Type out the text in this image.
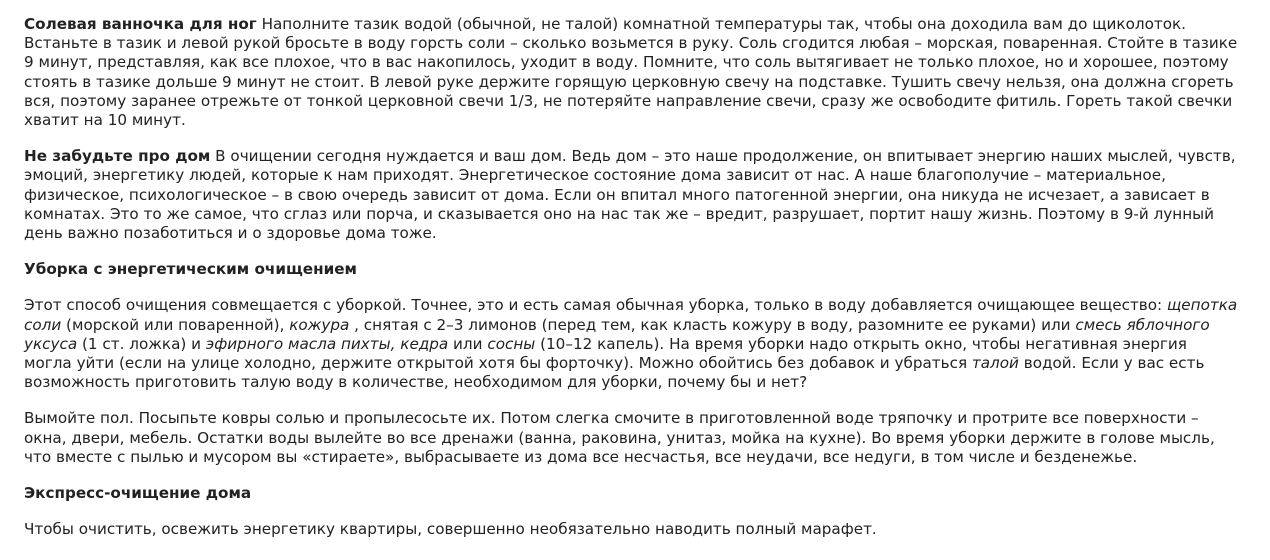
Солевая ванночка для ног Наполните тазик водой (обычной, не талой) комнатной температуры так, чтобы она доходила вам до щиколоток. Встаньте в тазик и левой рукой бросьте в воду горсть соли – сколько возьмется в руку. Соль сгодится любая – морская, поваренная. Стойте в тазике 9 минут, представляя, как все плохое, что в вас накопилось, уходит в воду. Помните, что соль вытягивает не только плохое, но и хорошее, поэтому стоять в тазике дольше 9 минут не стоит. В левой руке держите горящую церковную свечу на подставке. Тушить свечу нельзя, она должна сгореть вся, поэтому заранее отрежьте от тонкой церковной свечи 1/3, не потеряйте направление свечи, сразу же освободите фитиль. Гореть такой свечки хватит на 10 минут.

Не забудьте про дом В очищении сегодня нуждается и ваш дом. Ведь дом – это наше продолжение, он впитывает энергию наших мыслей, чувств, эмоций, энергетику людей, которые к нам приходят. Энергетическое состояние дома зависит от нас. А наше благополучие – материальное, физическое, психологическое – в свою очередь зависит от дома. Если он впитал много патогенной энергии, она никуда не исчезает, а зависает в комнатах. Это то же самое, что сглаз или порча, и сказывается оно на нас так же – вредит, разрушает, портит нашу жизнь. Поэтому в 9-й лунный день важно позаботиться и о здоровье дома тоже.

Уборка с энергетическим очищением

Этот способ очищения совмещается с уборкой. Точнее, это и есть самая обычная уборка, только в воду добавляется очищающее вещество: щепотка соли (морской или поваренной), кожура , снятая с 2–3 лимонов (перед тем, как класть кожуру в воду, разомните ее руками) или смесь яблочного уксуса (1 ст. ложка) и эфирного масла пихты, кедра или сосны (10–12 капель). На время уборки надо открыть окно, чтобы негативная энергия могла уйти (если на улице холодно, держите открытой хотя бы форточку). Можно обойтись без добавок и убраться талой водой. Если у вас есть возможность приготовить талую воду в количестве, необходимом для уборки, почему бы и нет?

Вымойте пол. Посыпьте ковры солью и пропылесосьте их. Потом слегка смочите в приготовленной воде тряпочку и протрите все поверхности – окна, двери, мебель. Остатки воды вылейте во все дренажи (ванна, раковина, унитаз, мойка на кухне). Во время уборки держите в голове мысль, что вместе с пылью и мусором вы «стираете», выбрасываете из дома все несчастья, все неудачи, все недуги, в том числе и безденежье.

Экспресс-очищение дома

Чтобы очистить, освежить энергетику квартиры, совершенно необязательно наводить полный марафет.
